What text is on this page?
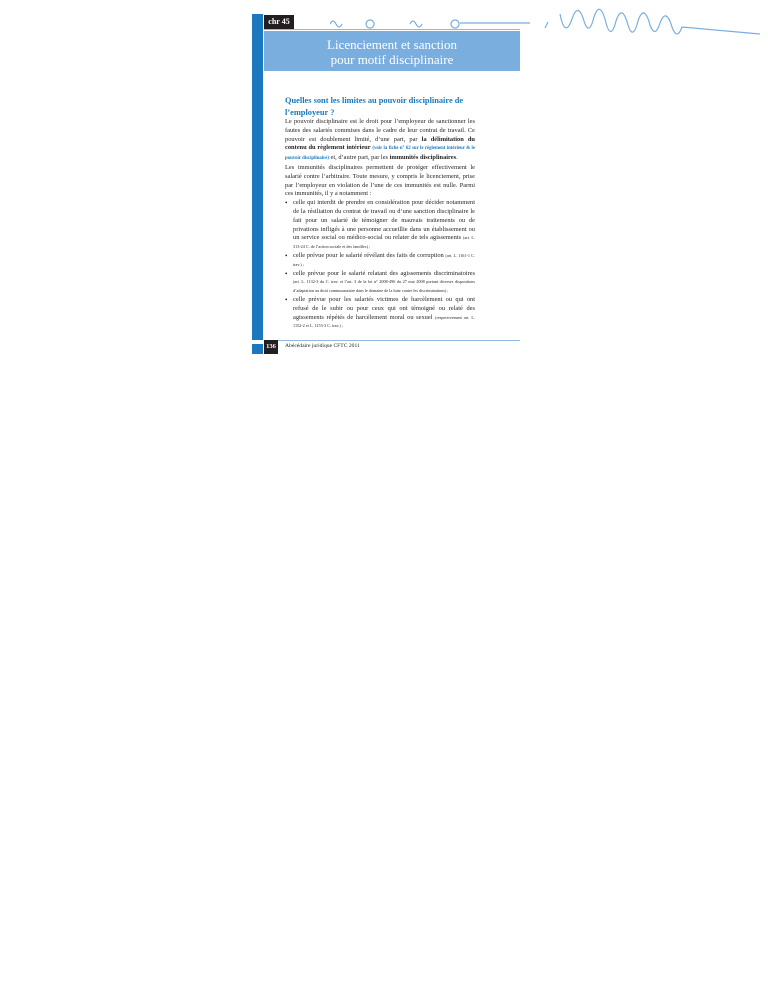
chr 45
Licenciement et sanction
pour motif disciplinaire
Licenciement et sanction pour motif disciplinaire
Quelles sont les limites au pouvoir disciplinaire de
l’employeur ?

Le pouvoir disciplinaire est le droit pour l’employeur de sanctionner les fautes des salariés commises dans le cadre de leur contrat de travail. Ce pouvoir est doublement limité, d’une part, par la délimitation du contenu du règlement intérieur (voir la fiche n° 62 sur le règlement intérieur & le pouvoir disciplinaire) et, d’autre part, par les immunités disciplinaires.

Les immunités disciplinaires permettent de protéger effectivement le salarié contre l’arbitraire. Toute mesure, y compris le licenciement, prise par l’employeur en violation de l’une de ces immunités est nulle. Parmi ces immunités, il y a notamment :

• celle qui interdit de prendre en considération pour décider notamment de la résiliation du contrat de travail ou d’une sanction disciplinaire le fait pour un salarié de témoigner de mauvais traitements ou de privations infligés à une personne accueillie dans un établissement ou un service social ou médico-social ou relater de tels agissements (art. L. 313-24 C. de l’action sociale et des familles) ;
• celle prévue pour le salarié révélant des faits de corruption (art. L. 1161-1 C. trav.) ;
• celle prévue pour le salarié relatant des agissements discriminatoires (art. L. 1132-3 du C. trav. et l’art. 3 de la loi n° 2008-496 du 27 mai 2008 portant diverses dispositions d’adaptation au droit communautaire dans le domaine de la lutte contre les discriminations) ;
• celle prévue pour les salariés victimes de harcèlement ou qui ont refusé de le subir ou pour ceux qui ont témoigné ou relaté des agissements répétés de harcèlement moral ou sexuel (respectivement art. L. 1152-2 et L. 1153-3 C. trav.) ;
136	Abécédaire juridique CFTC 2011
